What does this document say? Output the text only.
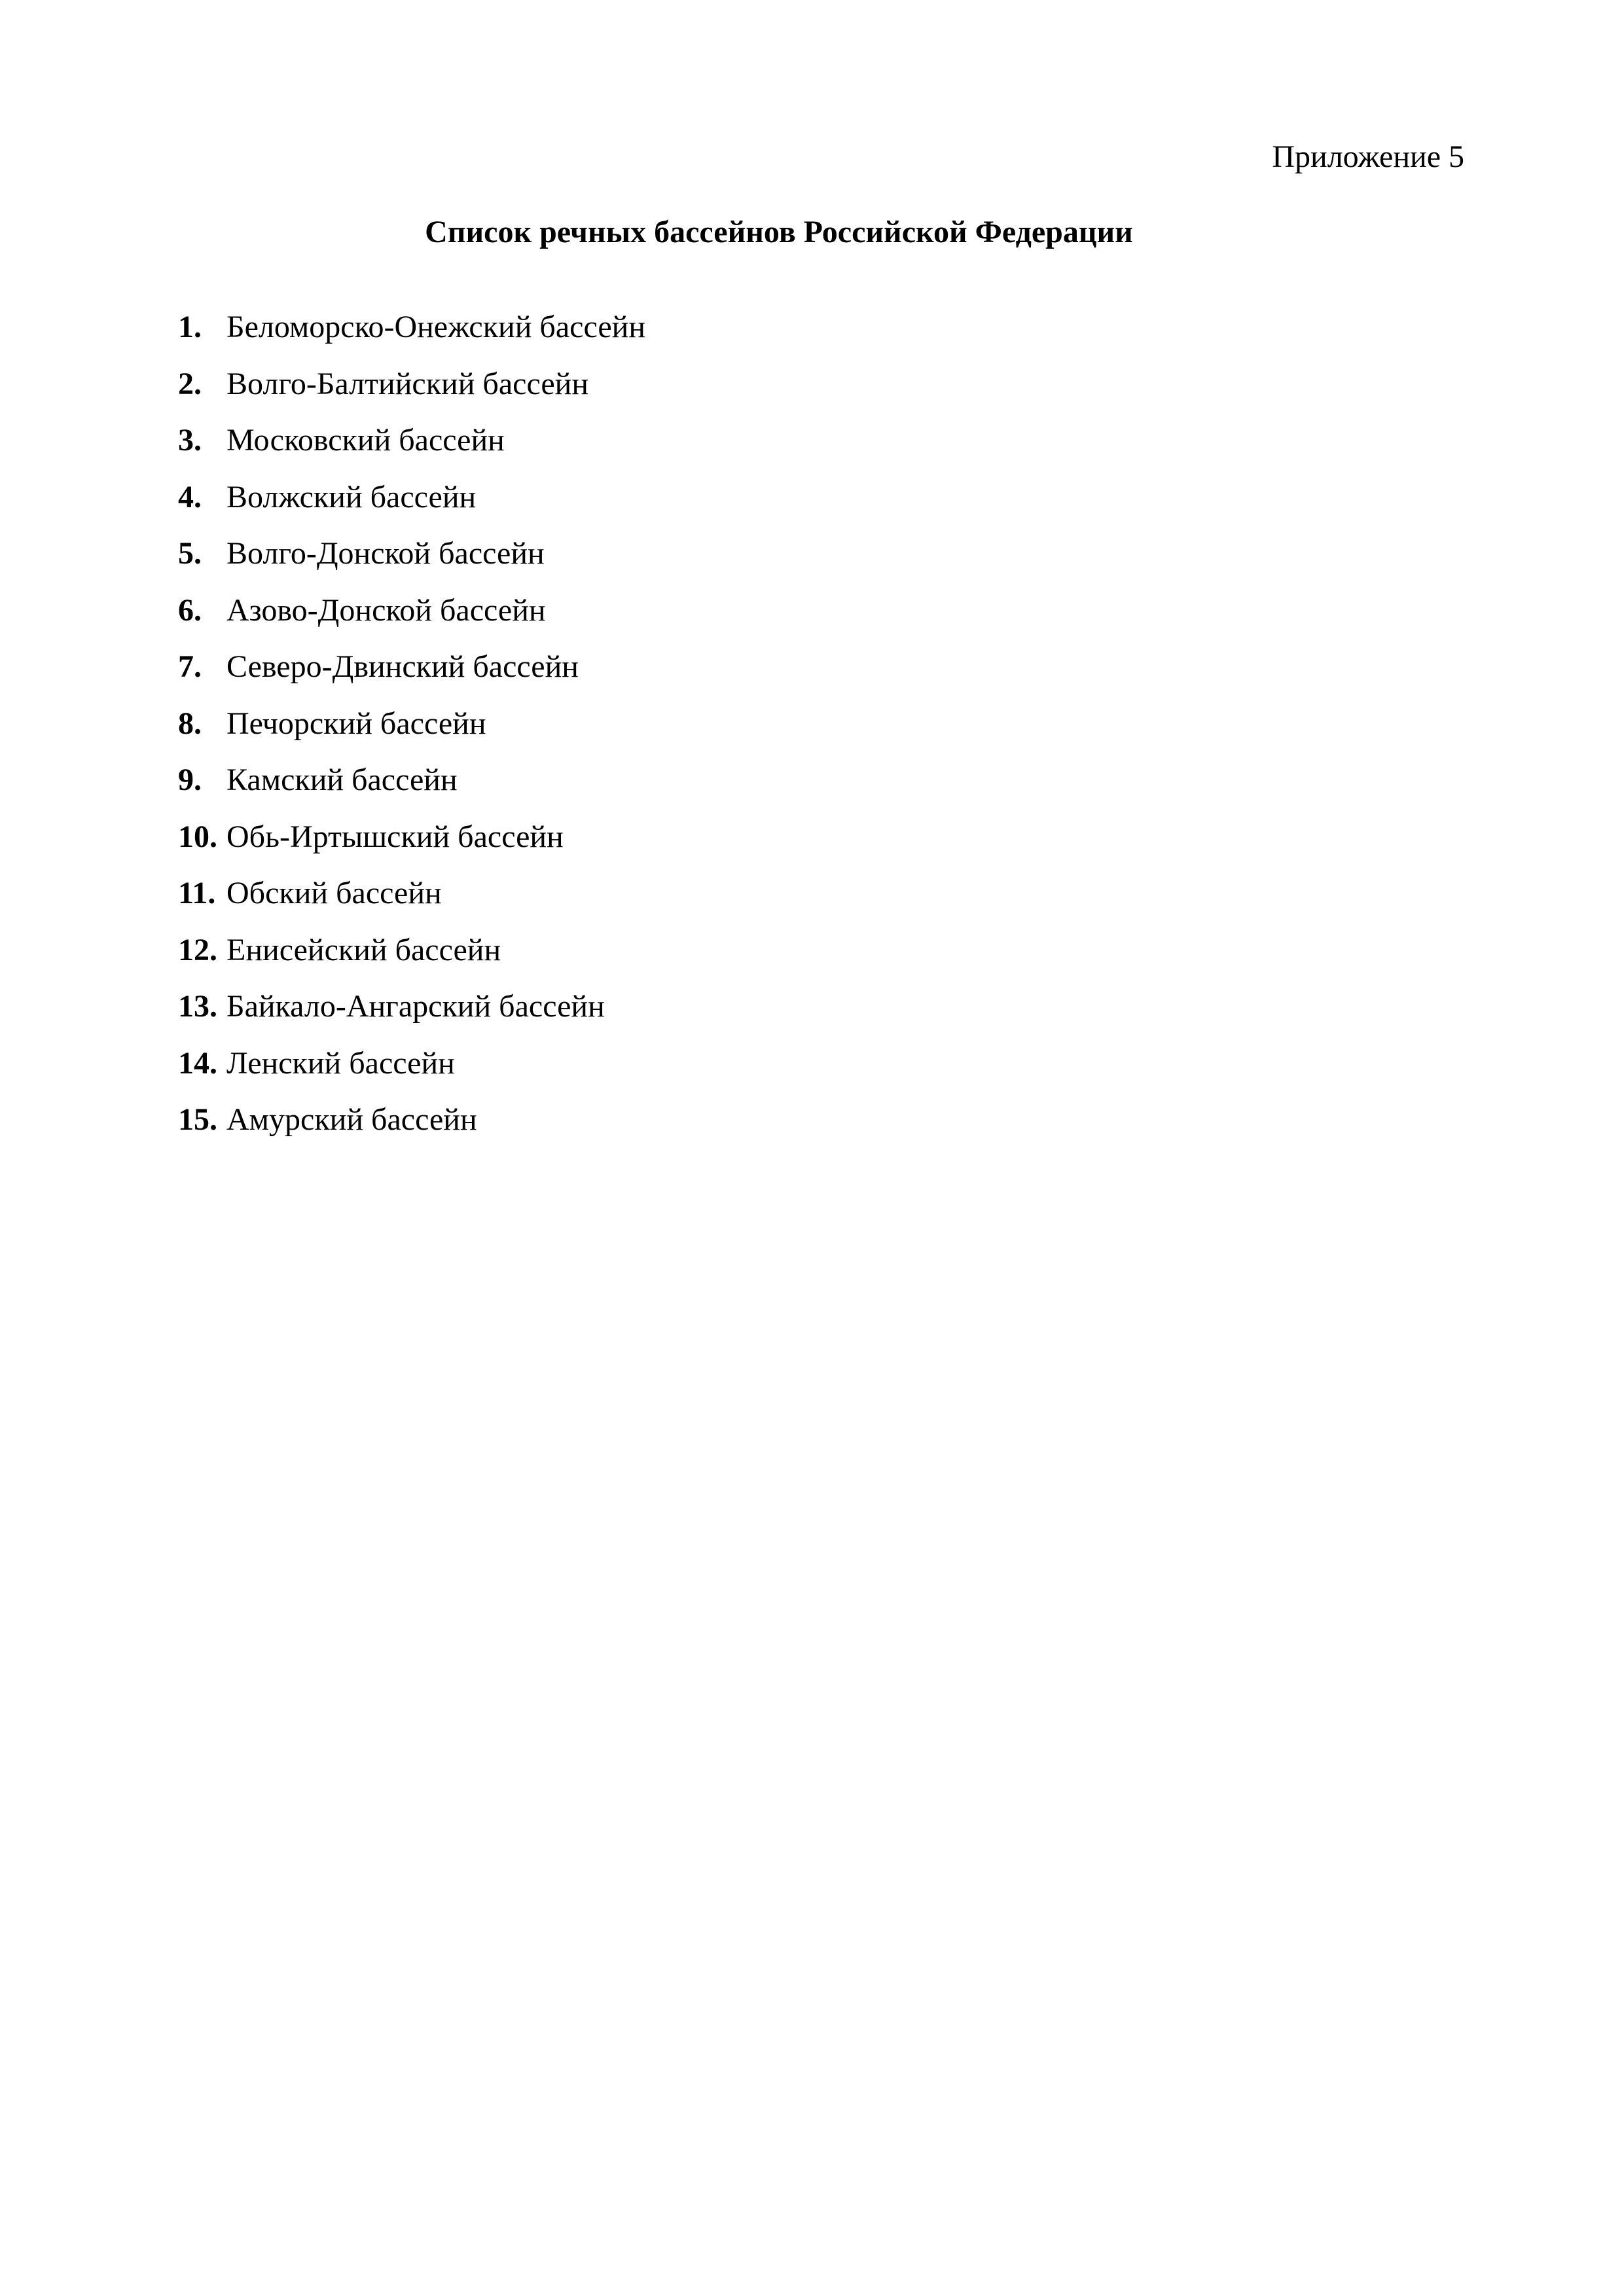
Приложение 5
Список речных бассейнов Российской Федерации
1. Беломорско-Онежский бассейн
2. Волго-Балтийский бассейн
3. Московский бассейн
4. Волжский бассейн
5. Волго-Донской бассейн
6. Азово-Донской бассейн
7. Северо-Двинский бассейн
8. Печорский бассейн
9. Камский бассейн
10. Обь-Иртышский бассейн
11. Обский бассейн
12. Енисейский бассейн
13. Байкало-Ангарский бассейн
14. Ленский бассейн
15. Амурский бассейн
